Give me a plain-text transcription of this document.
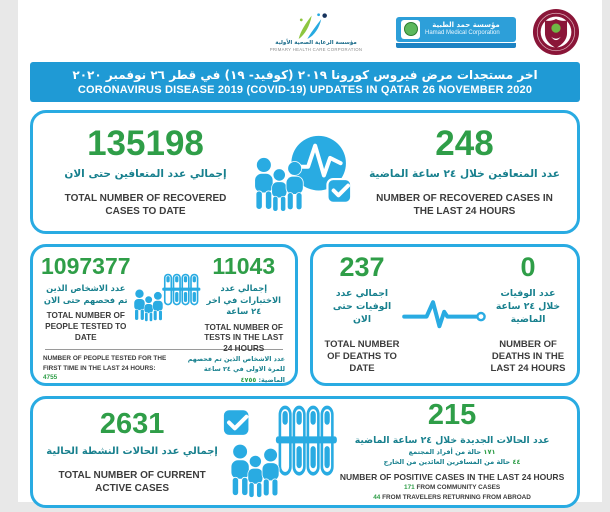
مؤسسة الرعاية الصحية الأولية
PRIMARY HEALTH CARE CORPORATION
مؤسسة حمد الطبية
Hamad Medical Corporation
اخر مستجدات مرض فيروس كورونا ٢٠١٩ (كوفيد- ١٩) في قطر ٢٦ نوفمبر ٢٠٢٠
CORONAVIRUS DISEASE 2019 (COVID-19) UPDATES IN QATAR 26 NOVEMBER 2020
135198
إجمالي عدد المتعافين حتى الان
TOTAL NUMBER OF RECOVERED CASES TO DATE
248
عدد المتعافين خلال ٢٤ ساعة الماضية
NUMBER OF RECOVERED CASES IN THE LAST 24 HOURS
1097377
عدد الاشخاص الذين تم فحصهم حتى الان
TOTAL NUMBER OF PEOPLE TESTED TO DATE
11043
إجمالي عدد الاختبارات في اخر ٢٤ ساعة
TOTAL NUMBER OF TESTS IN THE LAST 24 HOURS
NUMBER OF PEOPLE TESTED FOR THE FIRST TIME IN THE LAST 24 HOURS: 4755
عدد الاشخاص الذين تم فحصهم للمرة الاولى في ٢٤ ساعة الماضية: ٤٧٥٥
237
اجمالي عدد الوفيات حتى الان
TOTAL NUMBER OF DEATHS TO DATE
0
عدد الوفيات خلال ٢٤ ساعة الماضية
NUMBER OF DEATHS IN THE LAST 24 HOURS
2631
إجمالي عدد الحالات النشطة الحالية
TOTAL NUMBER OF CURRENT ACTIVE CASES
215
عدد الحالات الجديدة خلال ٢٤ ساعة الماضية
١٧١ حالة من أفراد المجتمع
٤٤ حالة من المسافرين العائدين من الخارج
NUMBER OF POSITIVE CASES IN THE LAST 24 HOURS
171 FROM COMMUNITY CASES
44 FROM TRAVELERS RETURNING FROM ABROAD
